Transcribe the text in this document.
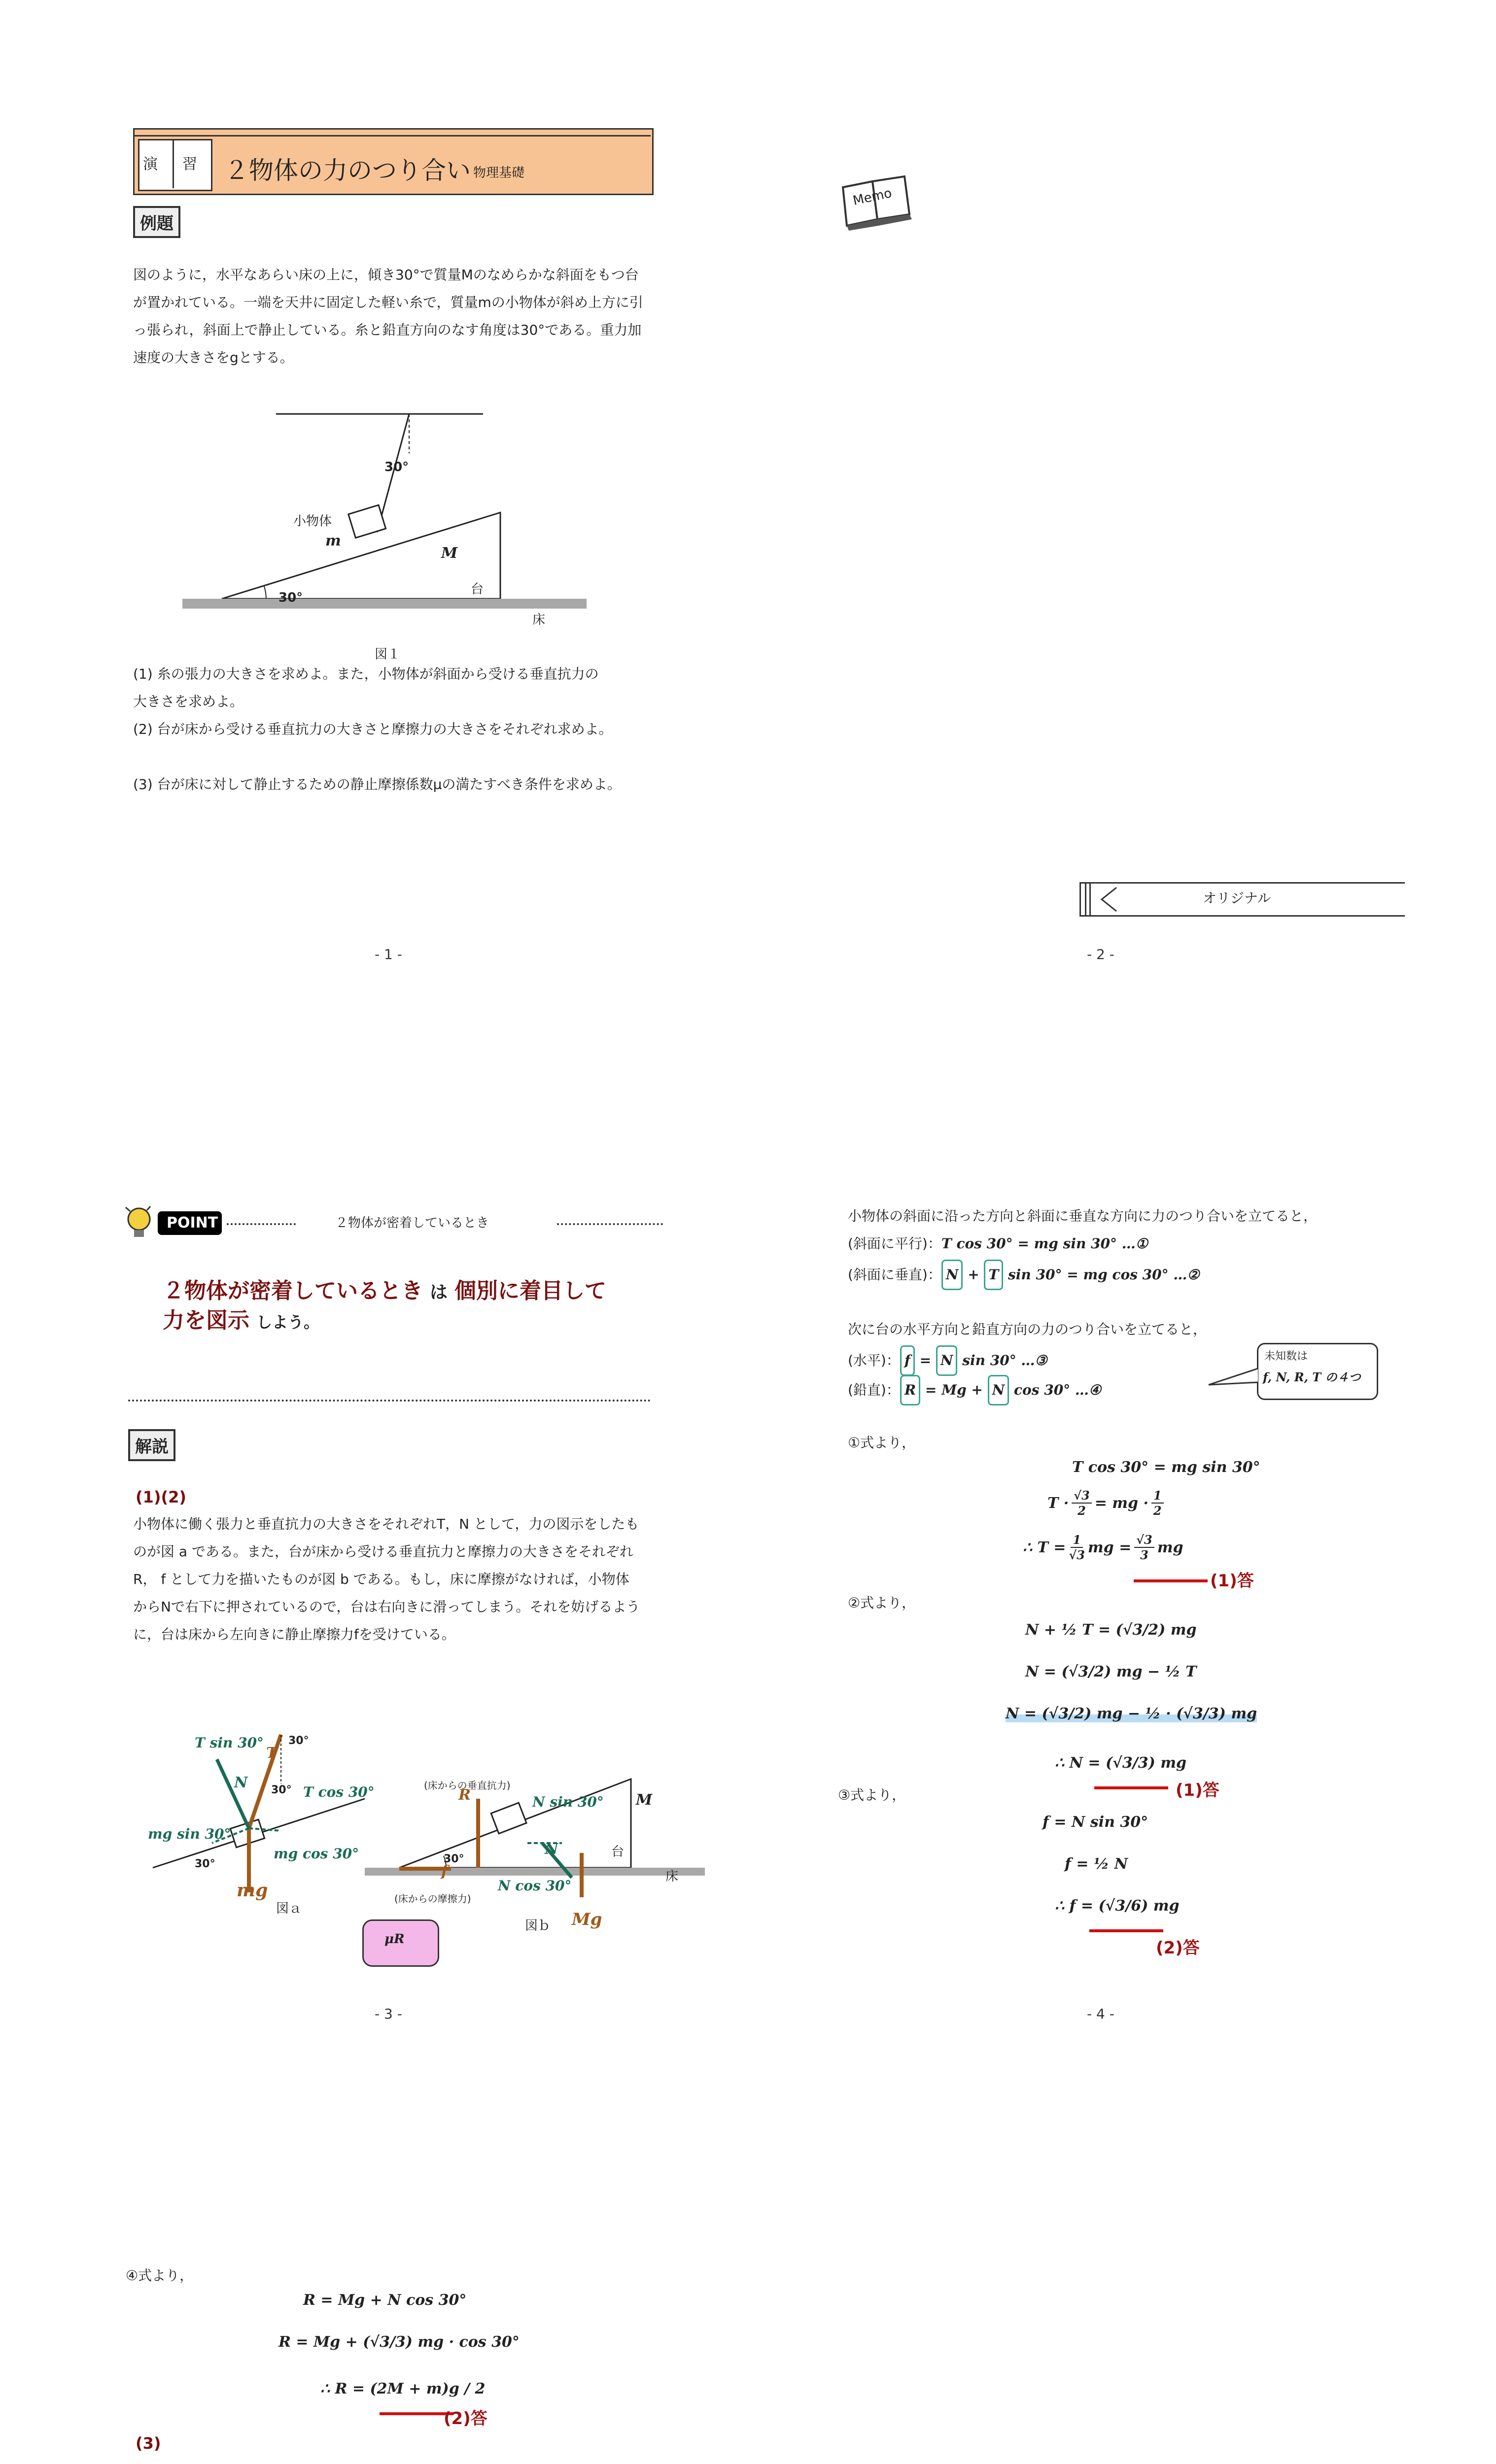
演 習 ２物体の力のつり合い 物理基礎
例題
図のように，水平なあらい床の上に，傾き30°で質量Mのなめらかな斜面をもつ台
が置かれている。一端を天井に固定した軽い糸で，質量mの小物体が斜め上方に引
っ張られ，斜面上で静止している。糸と鉛直方向のなす角度は30°である。重力加
速度の大きさをgとする。
30°
小物体
m
M
台
30°
床
図１
(1) 糸の張力の大きさを求めよ。また，小物体が斜面から受ける垂直抗力の
大きさを求めよ。
(2) 台が床から受ける垂直抗力の大きさと摩擦力の大きさをそれぞれ求めよ。
(3) 台が床に対して静止するための静止摩擦係数μの満たすべき条件を求めよ。
- 1 -
Memo
オリジナル
- 2 -
POINT	２物体が密着しているとき
２物体が密着しているとき は 個別に着目して
力を図示 しよう。
解説
(1)(2)
小物体に働く張力と垂直抗力の大きさをそれぞれT，N として，力の図示をしたも
のが図 a である。また，台が床から受ける垂直抗力と摩擦力の大きさをそれぞれ
R， f として力を描いたものが図 b である。もし，床に摩擦がなければ，小物体
からNで右下に押されているので，台は右向きに滑ってしまう。それを妨げるよう
に，台は床から左向きに静止摩擦力fを受けている。
T sin 30°
T
30°
N 30° T cos 30°
mg sin 30°
mg cos 30°
30°
mg
図ａ
(床からの垂直抗力)
R	N sin 30° M
30°
N	台
床
f
(床からの摩擦力)
N cos 30°
Mg
図ｂ
μR
- 3 -
小物体の斜面に沿った方向と斜面に垂直な方向に力のつり合いを立てると，
(斜面に平行)：T cos 30° = mg sin 30° …①
(斜面に垂直)： N + T sin 30° = mg cos 30° …②
次に台の水平方向と鉛直方向の力のつり合いを立てると，
(水平)： f = N sin 30° …③
(鉛直)： R = Mg + N cos 30° …④
未知数は
f, N, R, T の４つ
①式より，
T cos 30° = mg sin 30°
$T \cdot \frac{√3}{2}$ = mg · 1
2
∴ $T = \frac{1}{√3}$ mg = $\frac{√3}{3}$ mg
(1)答
②式より，
N + ½ T = (√3/2) mg
N = (√3/2) mg − ½ T
N = (√3/2) mg − ½ · (√3/3) mg
∴ N = (√3/3) mg
(1)答
③式より，
f = N sin 30°
f = ½ N
∴ f = (√3/6) mg
(2)答
- 4 -
④式より，
R = Mg + N cos 30°
R = Mg + (√3/3) mg · cos 30°
∴ R = (2M + m)g / 2
(2)答
(3)
